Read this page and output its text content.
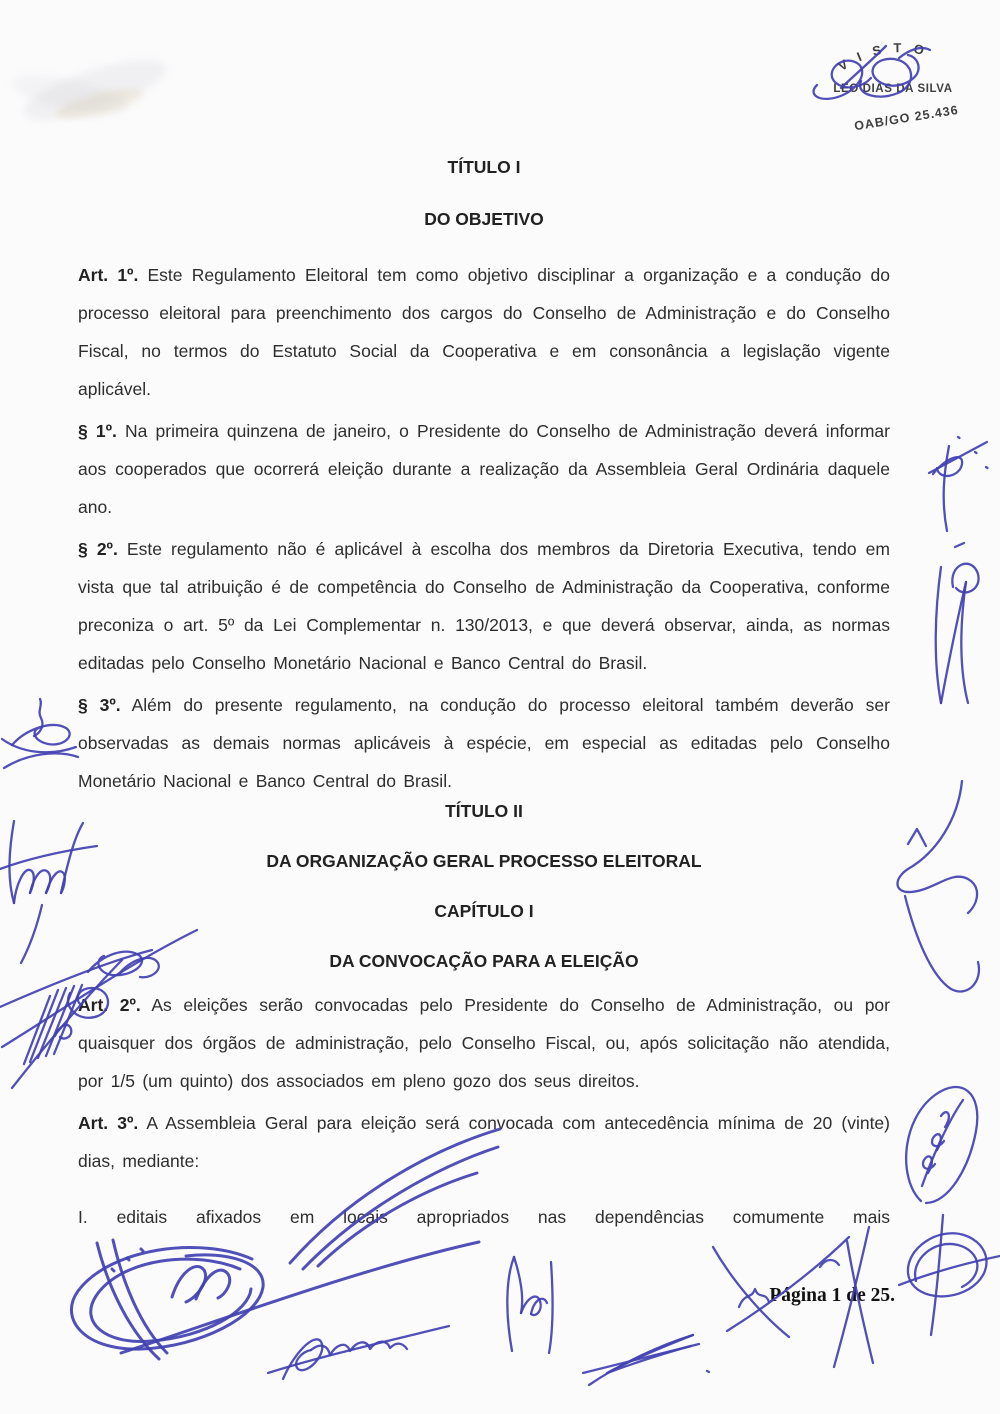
V I S T O
LEO DIAS DA SILVA
OAB/GO 25.436
TÍTULO I
DO OBJETIVO

Art. 1º. Este Regulamento Eleitoral tem como objetivo disciplinar a organização e a condução do processo eleitoral para preenchimento dos cargos do Conselho de Administração e do Conselho Fiscal, no termos do Estatuto Social da Cooperativa e em consonância a legislação vigente aplicável.

§ 1º. Na primeira quinzena de janeiro, o Presidente do Conselho de Administração deverá informar aos cooperados que ocorrerá eleição durante a realização da Assembleia Geral Ordinária daquele ano.

§ 2º. Este regulamento não é aplicável à escolha dos membros da Diretoria Executiva, tendo em vista que tal atribuição é de competência do Conselho de Administração da Cooperativa, conforme preconiza o art. 5º da Lei Complementar n. 130/2013, e que deverá observar, ainda, as normas editadas pelo Conselho Monetário Nacional e Banco Central do Brasil.

§ 3º. Além do presente regulamento, na condução do processo eleitoral também deverão ser observadas as demais normas aplicáveis à espécie, em especial as editadas pelo Conselho Monetário Nacional e Banco Central do Brasil.

TÍTULO II
DA ORGANIZAÇÃO GERAL PROCESSO ELEITORAL
CAPÍTULO I
DA CONVOCAÇÃO PARA A ELEIÇÃO

Art. 2º. As eleições serão convocadas pelo Presidente do Conselho de Administração, ou por quaisquer dos órgãos de administração, pelo Conselho Fiscal, ou, após solicitação não atendida, por 1/5 (um quinto) dos associados em pleno gozo dos seus direitos.

Art. 3º. A Assembleia Geral para eleição será convocada com antecedência mínima de 20 (vinte) dias, mediante:

I. editais afixados em locais apropriados nas dependências comumente mais

Página 1 de 25.
